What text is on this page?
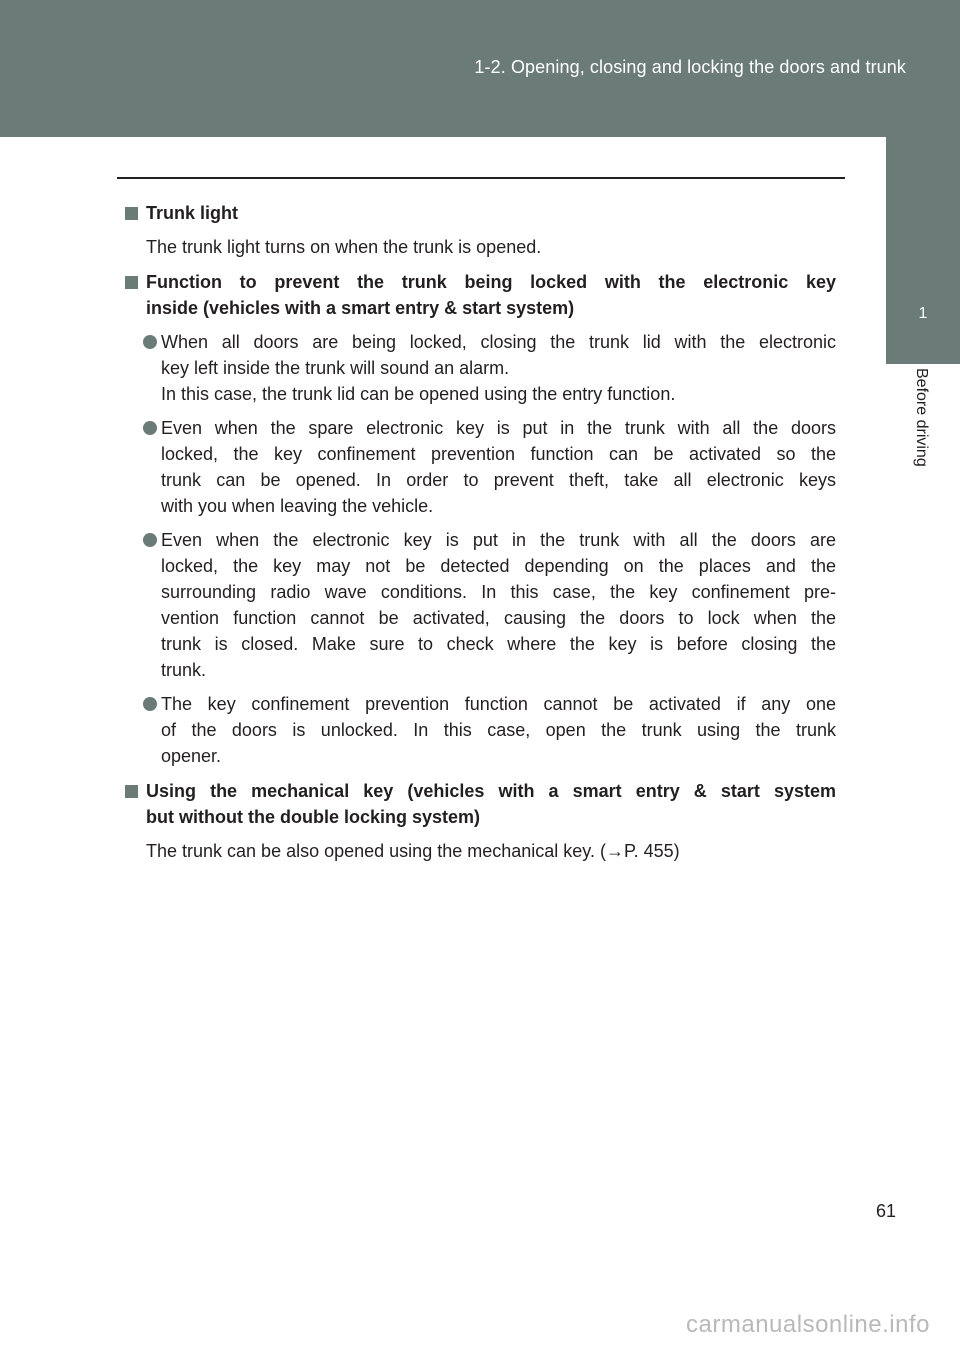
1-2. Opening, closing and locking the doors and trunk
1
Before driving
Trunk light
The trunk light turns on when the trunk is opened.
Function to prevent the trunk being locked with the electronic key
inside (vehicles with a smart entry & start system)
When all doors are being locked, closing the trunk lid with the electronic
key left inside the trunk will sound an alarm.
In this case, the trunk lid can be opened using the entry function.
Even when the spare electronic key is put in the trunk with all the doors
locked, the key confinement prevention function can be activated so the
trunk can be opened. In order to prevent theft, take all electronic keys
with you when leaving the vehicle.
Even when the electronic key is put in the trunk with all the doors are
locked, the key may not be detected depending on the places and the
surrounding radio wave conditions. In this case, the key confinement pre-
vention function cannot be activated, causing the doors to lock when the
trunk is closed. Make sure to check where the key is before closing the
trunk.
The key confinement prevention function cannot be activated if any one
of the doors is unlocked. In this case, open the trunk using the trunk
opener.
Using the mechanical key (vehicles with a smart entry & start system
but without the double locking system)
The trunk can be also opened using the mechanical key. (→P. 455)
61
carmanualsonline.info
